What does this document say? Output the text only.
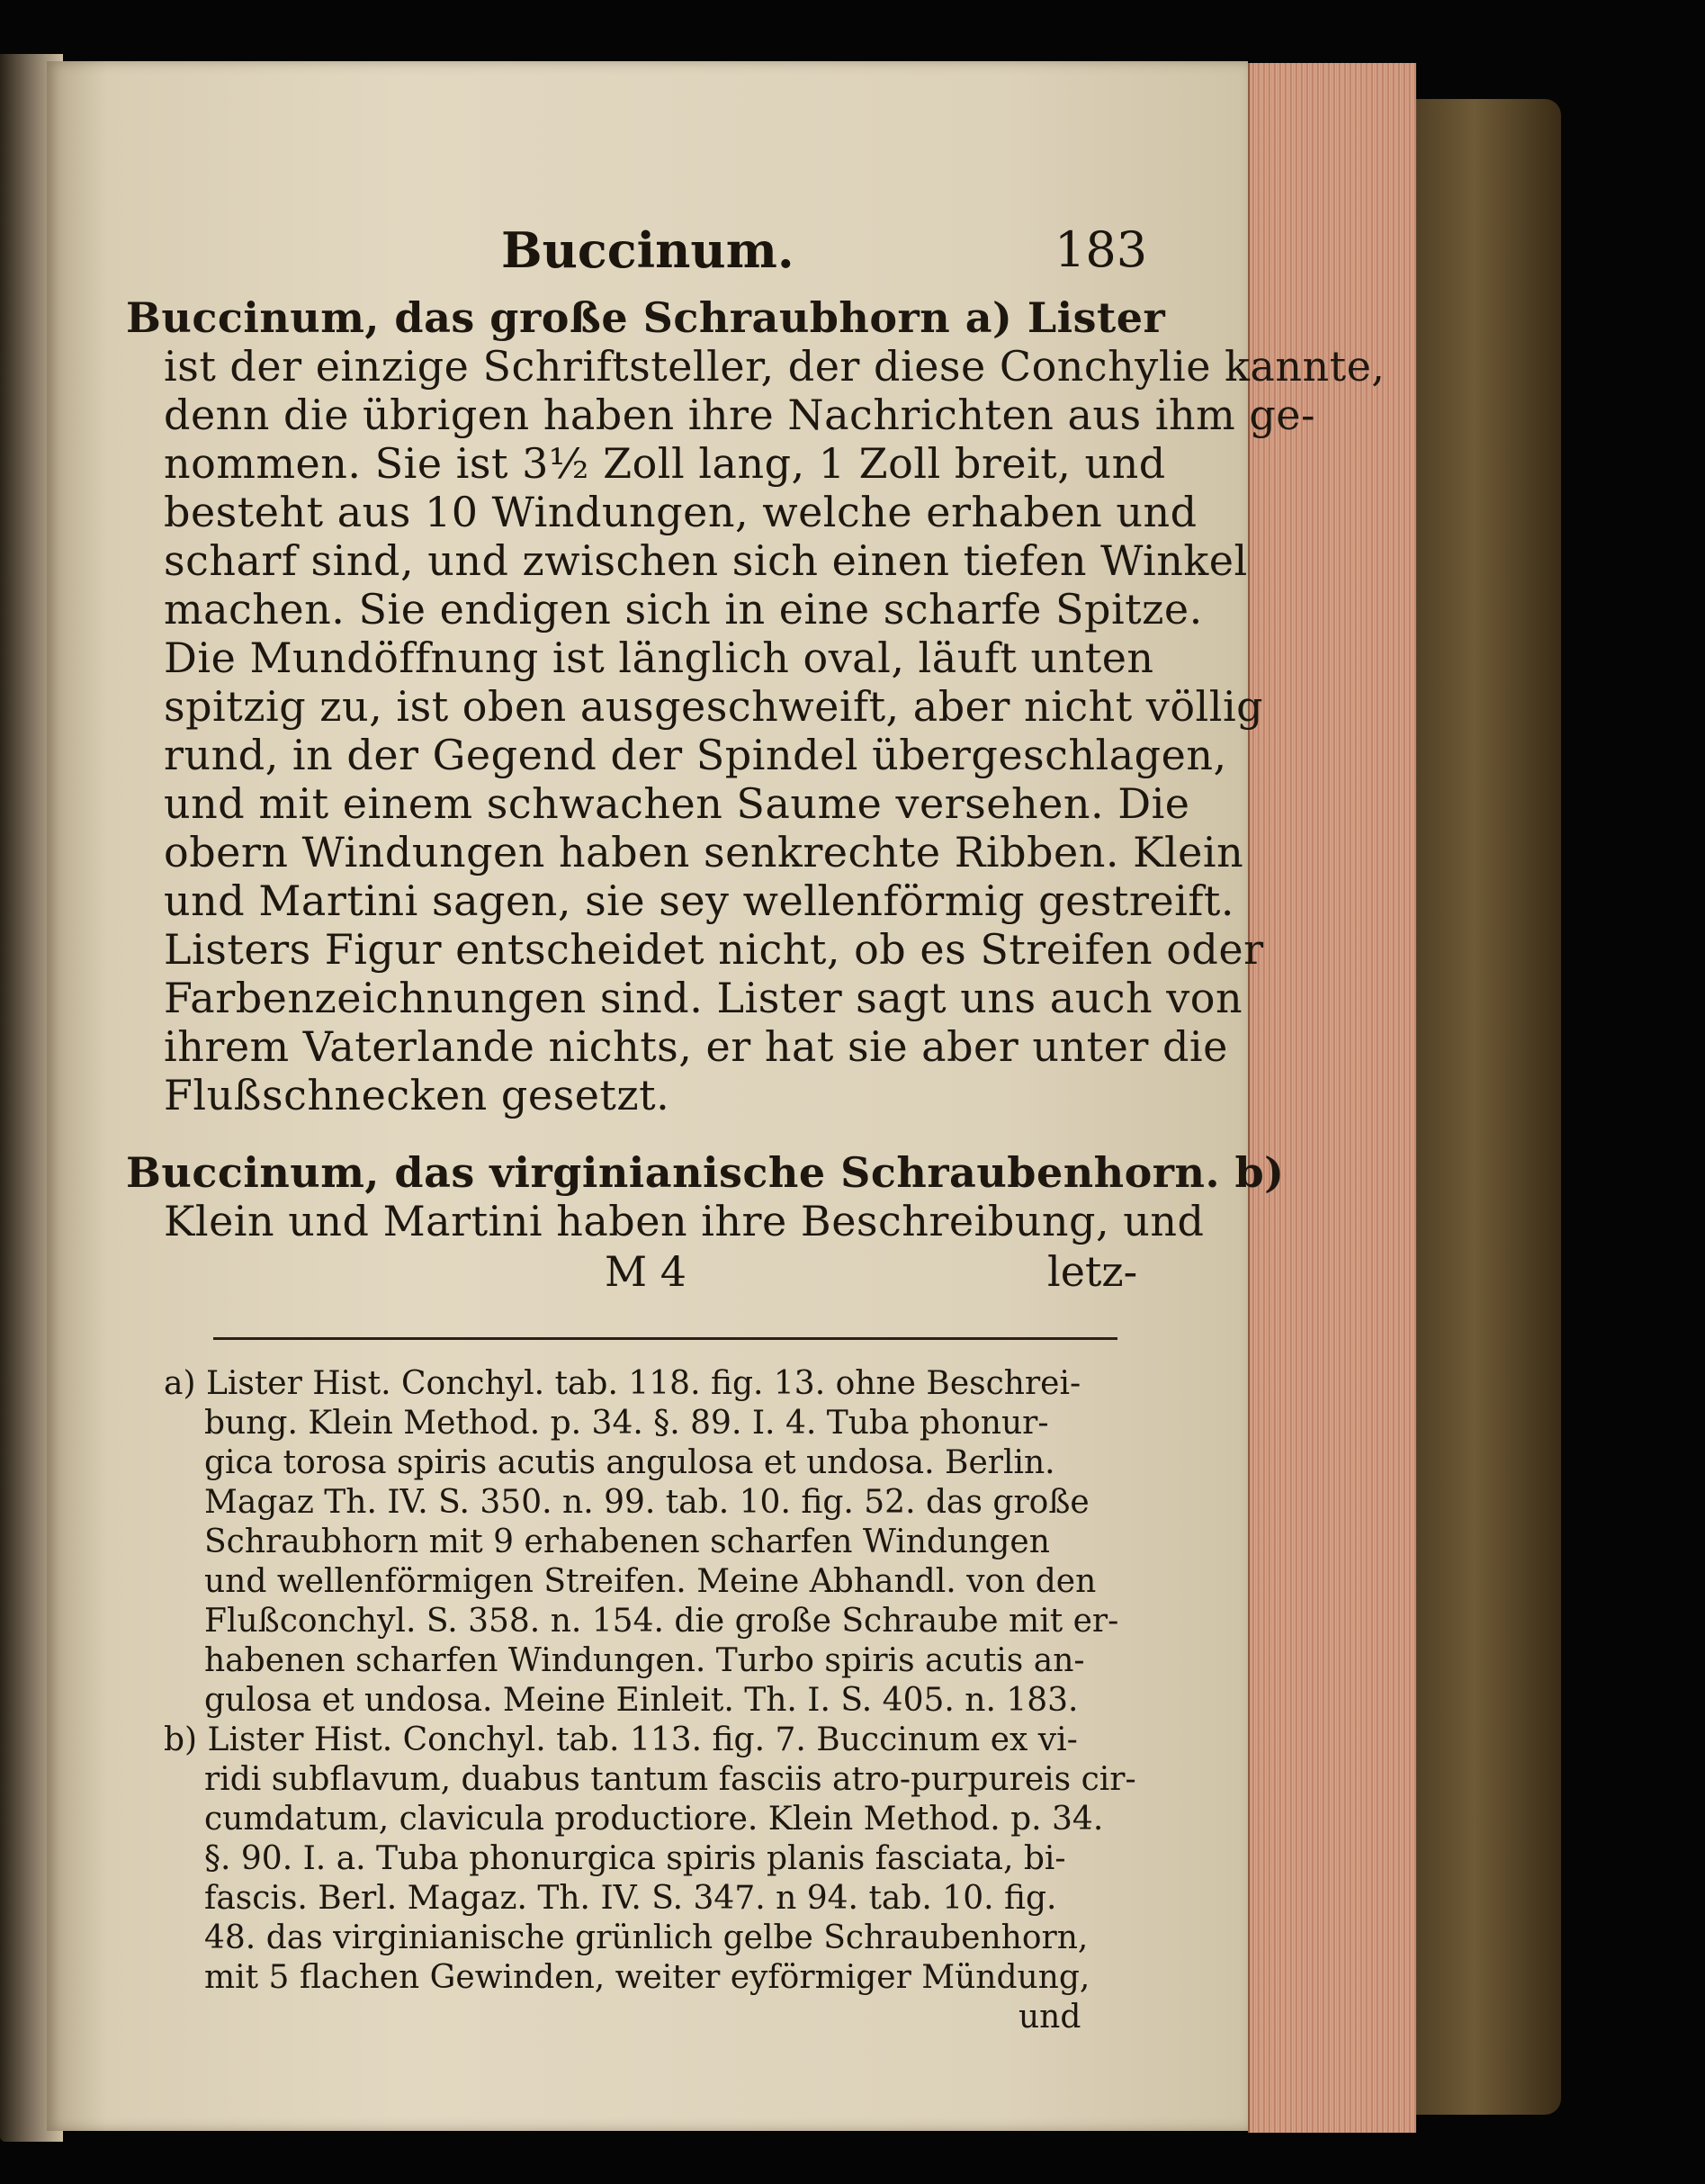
Buccinum.	183
Buccinum, das große Schraubhorn a) Lister
ist der einzige Schriftsteller, der diese Conchylie kannte,
denn die übrigen haben ihre Nachrichten aus ihm ge-
nommen. Sie ist 3½ Zoll lang, 1 Zoll breit, und
besteht aus 10 Windungen, welche erhaben und
scharf sind, und zwischen sich einen tiefen Winkel
machen. Sie endigen sich in eine scharfe Spitze.
Die Mundöffnung ist länglich oval, läuft unten
spitzig zu, ist oben ausgeschweift, aber nicht völlig
rund, in der Gegend der Spindel übergeschlagen,
und mit einem schwachen Saume versehen. Die
obern Windungen haben senkrechte Ribben. Klein
und Martini sagen, sie sey wellenförmig gestreift.
Listers Figur entscheidet nicht, ob es Streifen oder
Farbenzeichnungen sind. Lister sagt uns auch von
ihrem Vaterlande nichts, er hat sie aber unter die
Flußschnecken gesetzt.
Buccinum, das virginianische Schraubenhorn. b)
Klein und Martini haben ihre Beschreibung, und
M 4	letz-
a) Lister Hist. Conchyl. tab. 118. fig. 13. ohne Beschrei-
bung. Klein Method. p. 34. §. 89. I. 4. Tuba phonur-
gica torosa spiris acutis angulosa et undosa. Berlin.
Magaz Th. IV. S. 350. n. 99. tab. 10. fig. 52. das große
Schraubhorn mit 9 erhabenen scharfen Windungen
und wellenförmigen Streifen. Meine Abhandl. von den
Flußconchyl. S. 358. n. 154. die große Schraube mit er-
habenen scharfen Windungen. Turbo spiris acutis an-
gulosa et undosa. Meine Einleit. Th. I. S. 405. n. 183.
b) Lister Hist. Conchyl. tab. 113. fig. 7. Buccinum ex vi-
ridi subflavum, duabus tantum fasciis atro-purpureis cir-
cumdatum, clavicula productiore. Klein Method. p. 34.
§. 90. I. a. Tuba phonurgica spiris planis fasciata, bi-
fascis. Berl. Magaz. Th. IV. S. 347. n 94. tab. 10. fig.
48. das virginianische grünlich gelbe Schraubenhorn,
mit 5 flachen Gewinden, weiter eyförmiger Mündung,
und
